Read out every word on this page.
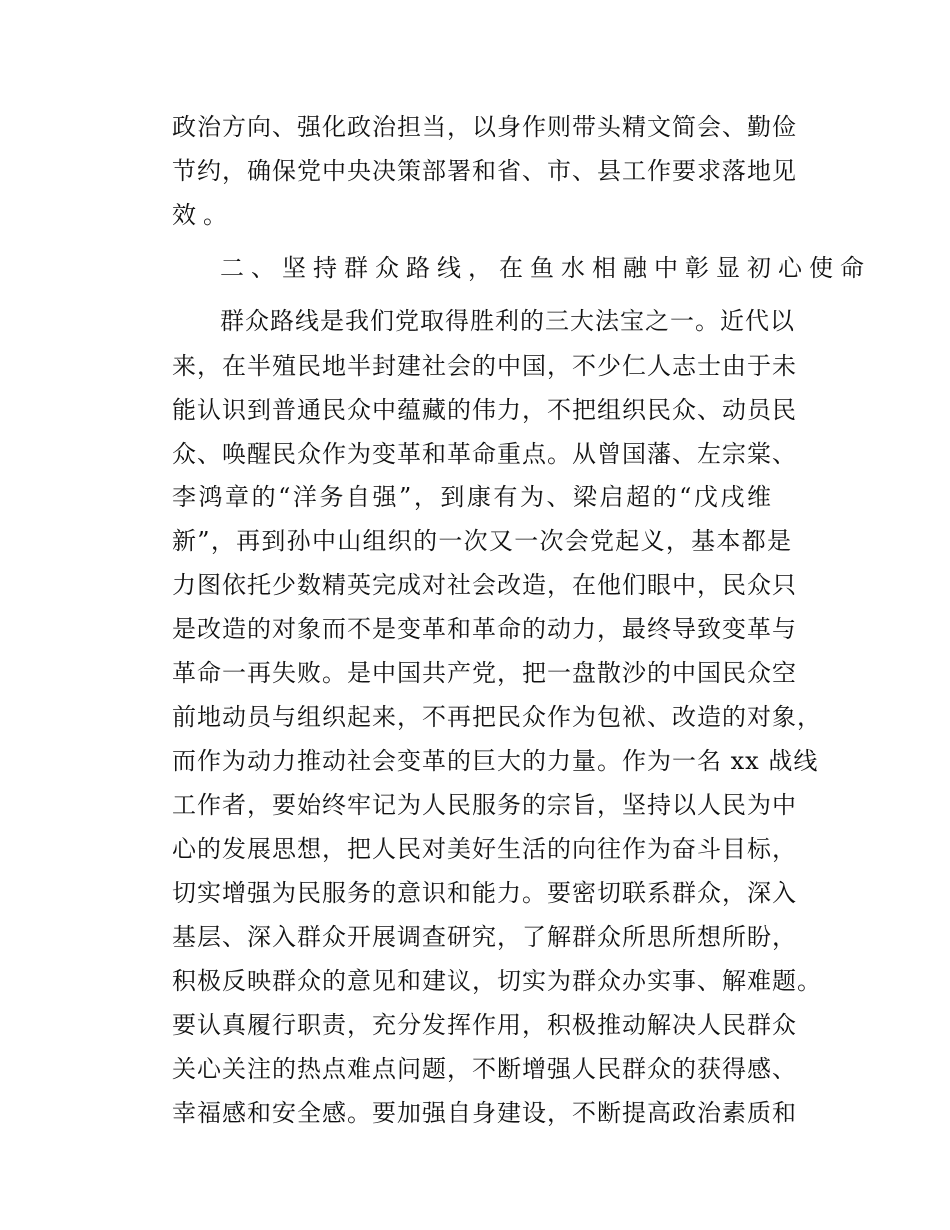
政治方向、强化政治担当，以身作则带头精文简会、勤俭
节约，确保党中央决策部署和省、市、县工作要求落地见
效。
二、坚持群众路线，在鱼水相融中彰显初心使命
群众路线是我们党取得胜利的三大法宝之一。近代以
来，在半殖民地半封建社会的中国，不少仁人志士由于未
能认识到普通民众中蕴藏的伟力，不把组织民众、动员民
众、唤醒民众作为变革和革命重点。从曾国藩、左宗棠、
李鸿章的“洋务自强”，到康有为、梁启超的“戊戌维
新”，再到孙中山组织的一次又一次会党起义，基本都是
力图依托少数精英完成对社会改造，在他们眼中，民众只
是改造的对象而不是变革和革命的动力，最终导致变革与
革命一再失败。是中国共产党，把一盘散沙的中国民众空
前地动员与组织起来，不再把民众作为包袱、改造的对象，
而作为动力推动社会变革的巨大的力量。作为一名 xx 战线
工作者，要始终牢记为人民服务的宗旨，坚持以人民为中
心的发展思想，把人民对美好生活的向往作为奋斗目标，
切实增强为民服务的意识和能力。要密切联系群众，深入
基层、深入群众开展调查研究，了解群众所思所想所盼，
积极反映群众的意见和建议，切实为群众办实事、解难题。
要认真履行职责，充分发挥作用，积极推动解决人民群众
关心关注的热点难点问题，不断增强人民群众的获得感、
幸福感和安全感。要加强自身建设，不断提高政治素质和
